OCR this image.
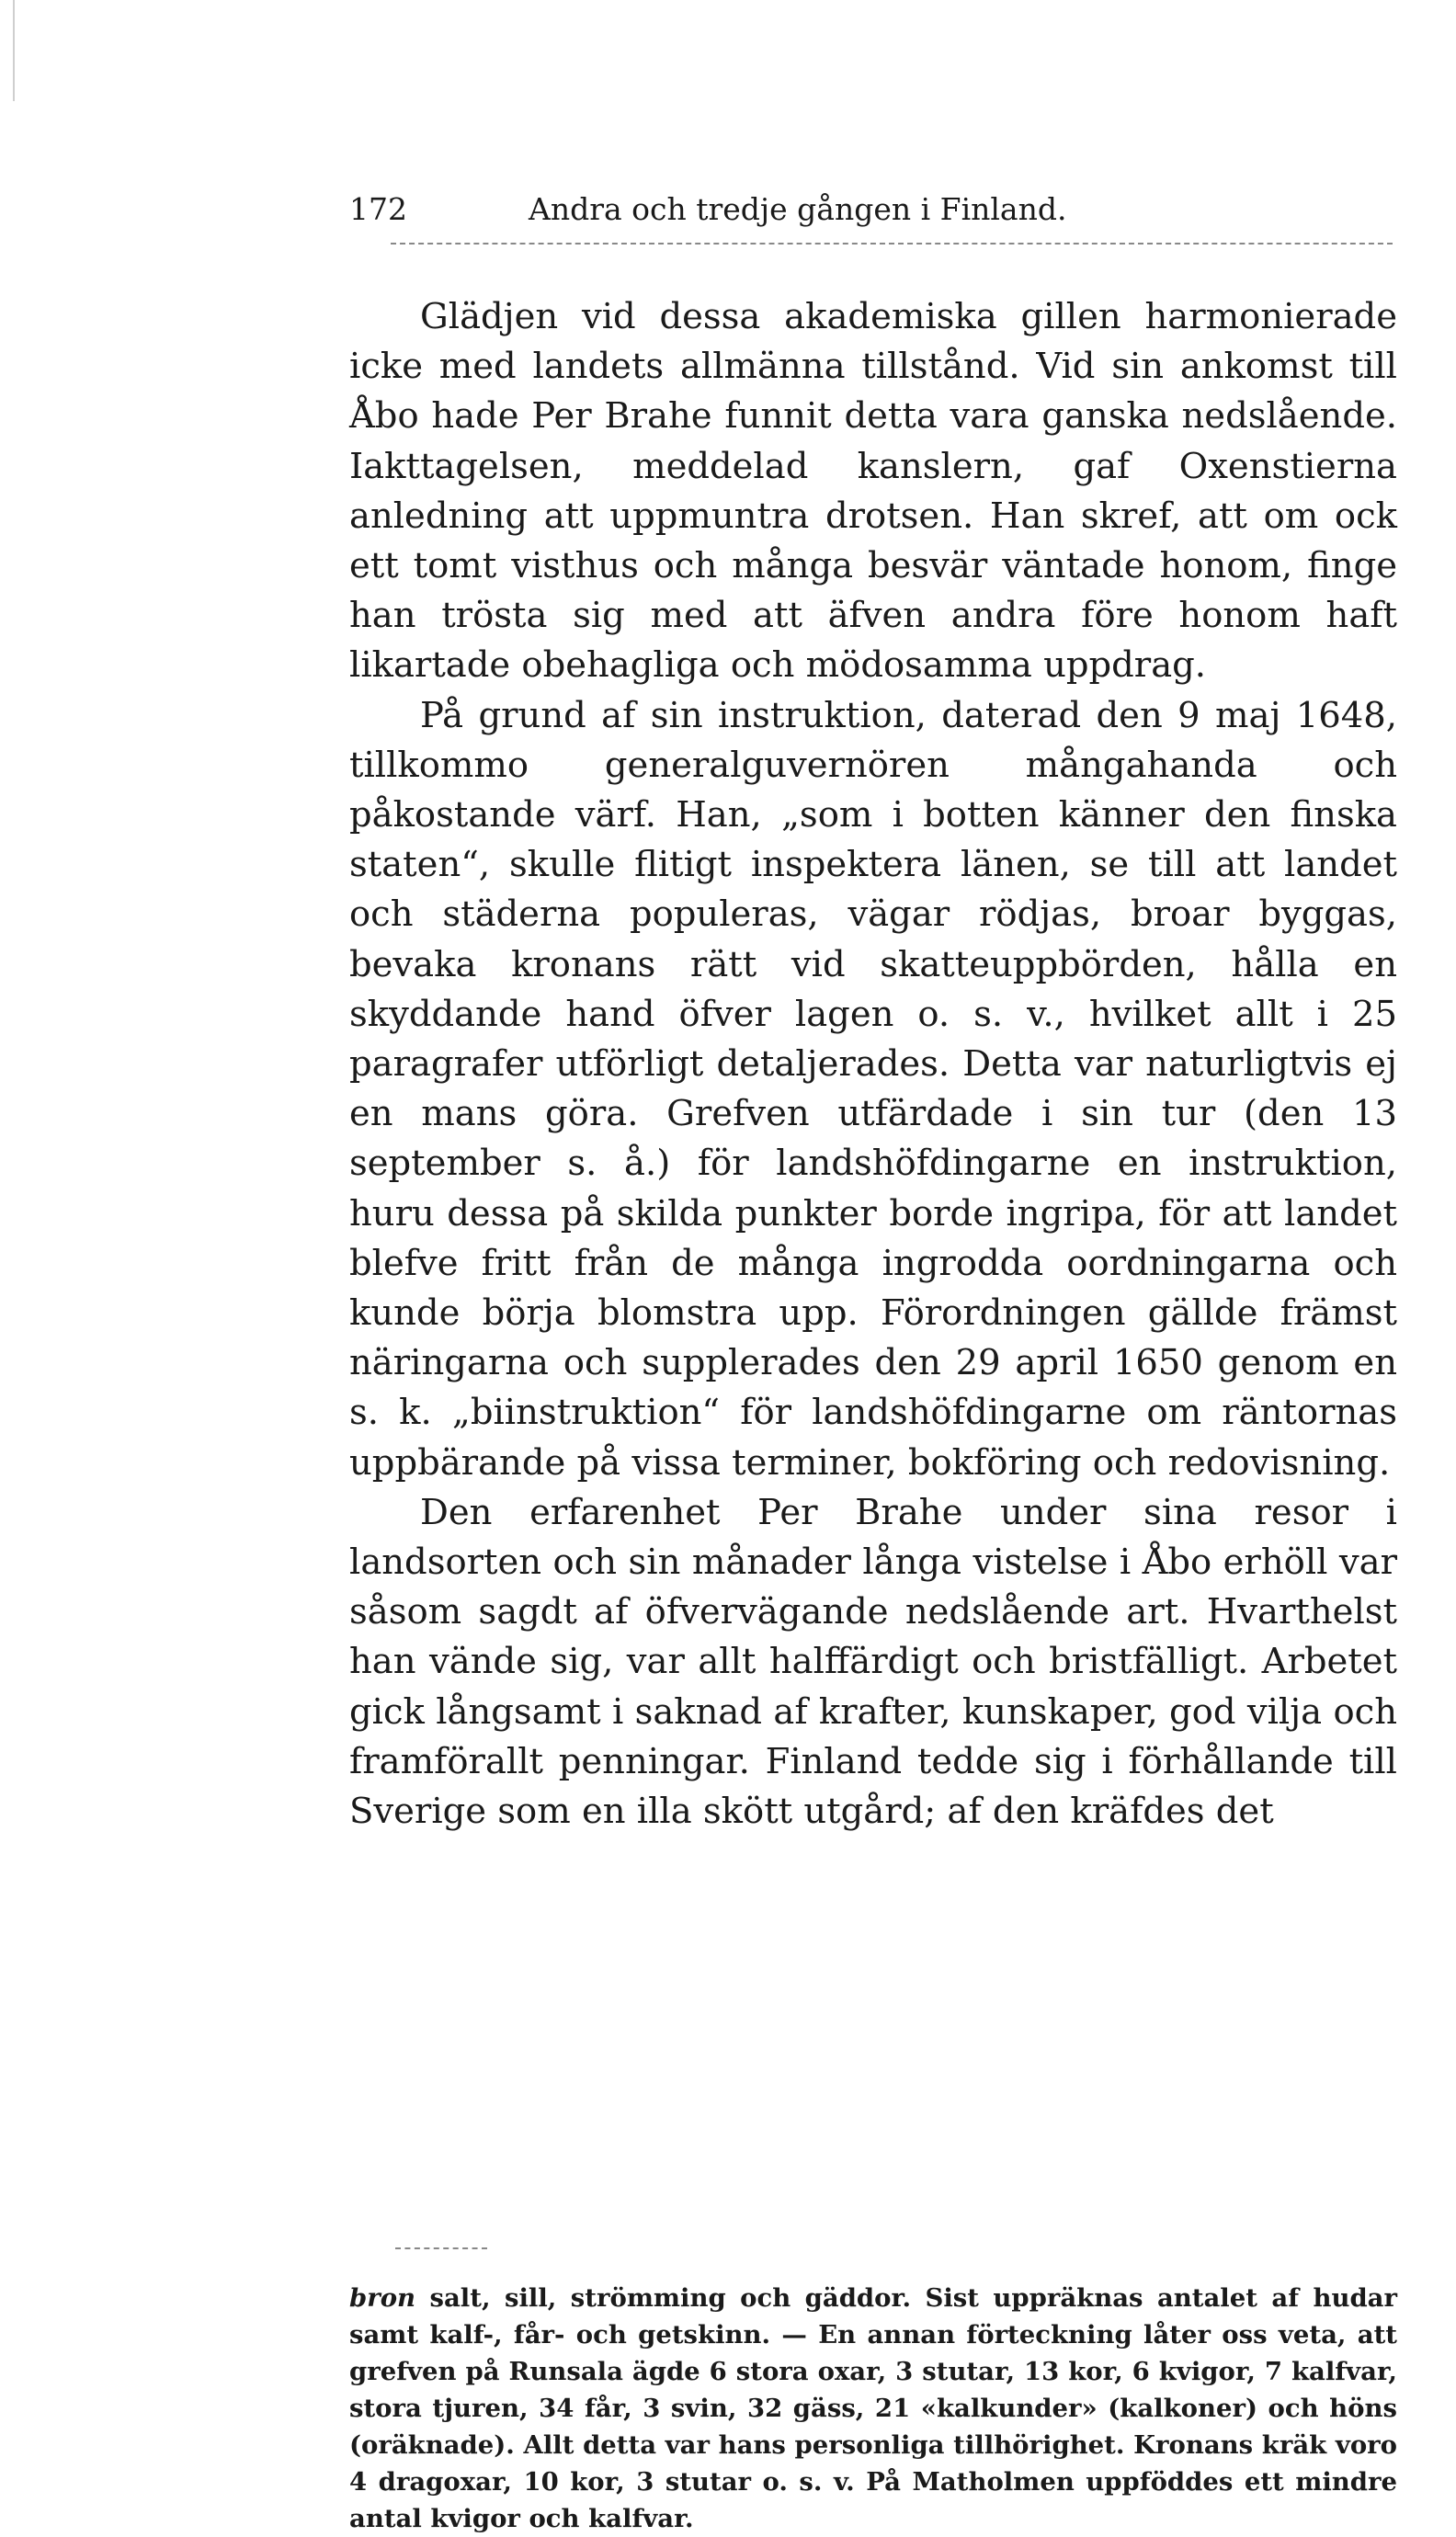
172	Andra och tredje gången i Finland.

Glädjen vid dessa akademiska gillen harmonierade icke med landets allmänna tillstånd. Vid sin ankomst till Åbo hade Per Brahe funnit detta vara ganska nedslående. Iakttagelsen, meddelad kanslern, gaf Oxenstierna anledning att uppmuntra drotsen. Han skref, att om ock ett tomt visthus och många besvär väntade honom, finge han trösta sig med att äfven andra före honom haft likartade obehagliga och mödosamma uppdrag.

På grund af sin instruktion, daterad den 9 maj 1648, tillkommo generalguvernören mångahanda och påkostande värf. Han, „som i botten känner den finska staten“, skulle flitigt inspektera länen, se till att landet och städerna populeras, vägar rödjas, broar byggas, bevaka kronans rätt vid skatteuppbörden, hålla en skyddande hand öfver lagen o. s. v., hvilket allt i 25 paragrafer utförligt detaljerades. Detta var naturligtvis ej en mans göra. Grefven utfärdade i sin tur (den 13 september s. å.) för landshöfdingarne en instruktion, huru dessa på skilda punkter borde ingripa, för att landet blefve fritt från de många ingrodda oordningarna och kunde börja blomstra upp. Förordningen gällde främst näringarna och supplerades den 29 april 1650 genom en s. k. „biinstruktion“ för landshöfdingarne om räntornas uppbärande på vissa terminer, bokföring och redovisning.

Den erfarenhet Per Brahe under sina resor i landsorten och sin månader långa vistelse i Åbo erhöll var såsom sagdt af öfvervägande nedslående art. Hvarthelst han vände sig, var allt halffärdigt och bristfälligt. Arbetet gick långsamt i saknad af krafter, kunskaper, god vilja och framförallt penningar. Finland tedde sig i förhållande till Sverige som en illa skött utgård; af den kräfdes det

bron salt, sill, strömming och gäddor. Sist uppräknas antalet af hudar samt kalf-, får- och getskinn. — En annan förteckning låter oss veta, att grefven på Runsala ägde 6 stora oxar, 3 stutar, 13 kor, 6 kvigor, 7 kalfvar, stora tjuren, 34 får, 3 svin, 32 gäss, 21 «kalkunder» (kalkoner) och höns (oräknade). Allt detta var hans personliga tillhörighet. Kronans kräk voro 4 dragoxar, 10 kor, 3 stutar o. s. v. På Matholmen uppföddes ett mindre antal kvigor och kalfvar.
